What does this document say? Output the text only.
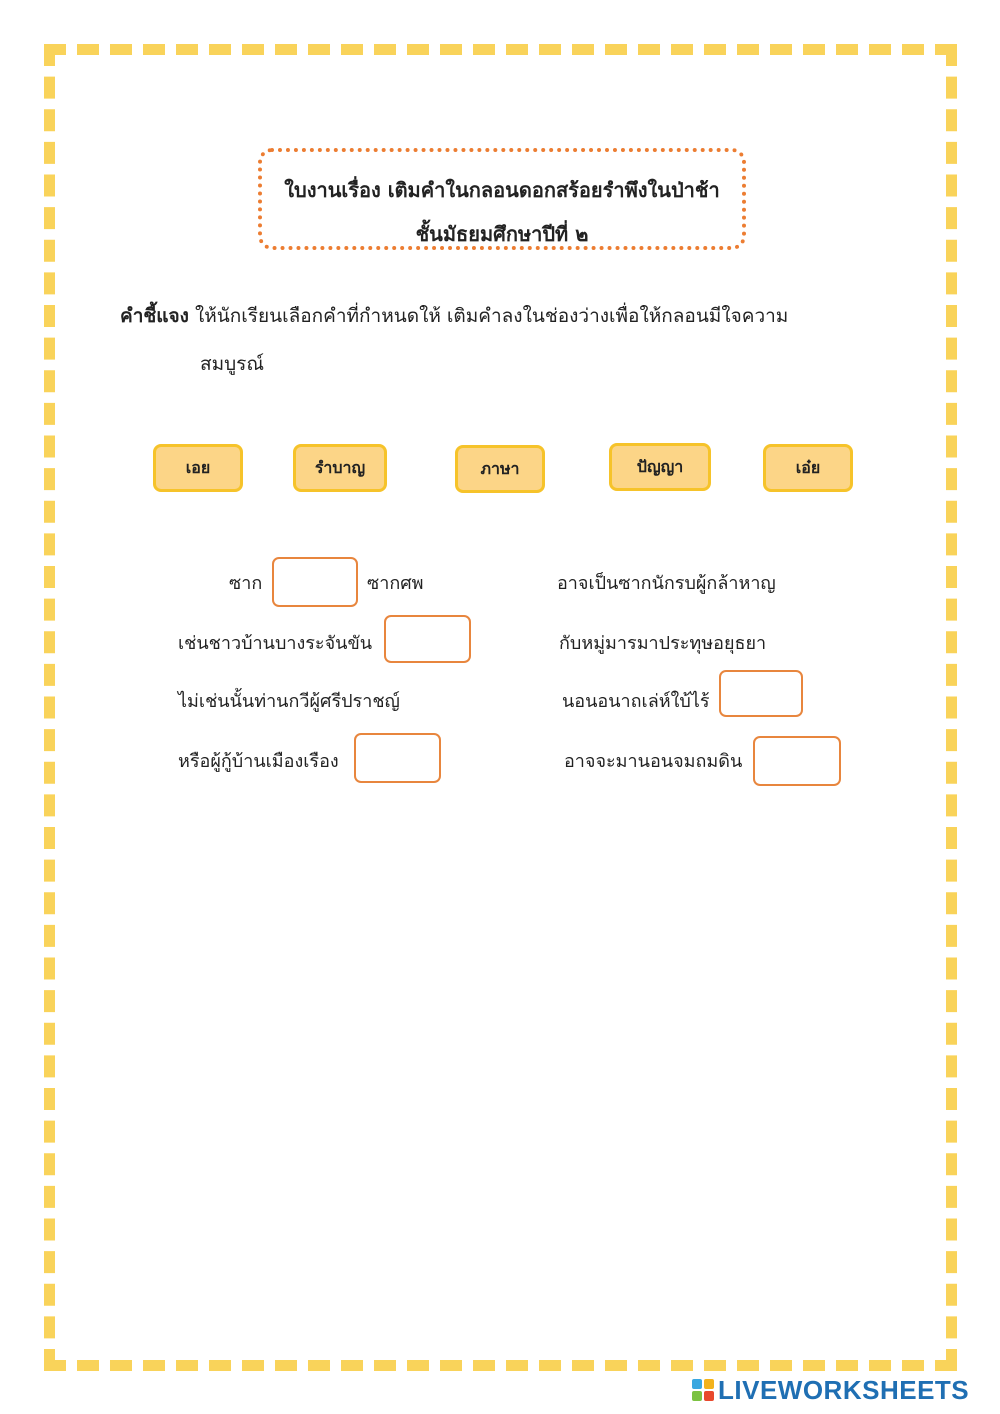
ใบงานเรื่อง เติมคำในกลอนดอกสร้อยรำพึงในป่าช้า
ชั้นมัธยมศึกษาปีที่ ๒
คำชี้แจง ให้นักเรียนเลือกคำที่กำหนดให้ เติมคำลงในช่องว่างเพื่อให้กลอนมีใจความ
สมบูรณ์
เอย	รำบาญ	ภาษา	ปัญญา	เอ๋ย
ซาก	ซากศพ
เช่นชาวบ้านบางระจันขัน
ไม่เช่นนั้นท่านกวีผู้ศรีปราชญ์
หรือผู้กู้บ้านเมืองเรือง
อาจเป็นซากนักรบผู้กล้าหาญ
กับหมู่มารมาประทุษอยุธยา
นอนอนาถเล่ห์ใบ้ไร้
อาจจะมานอนจมถมดิน
LIVEWORKSHEETS
